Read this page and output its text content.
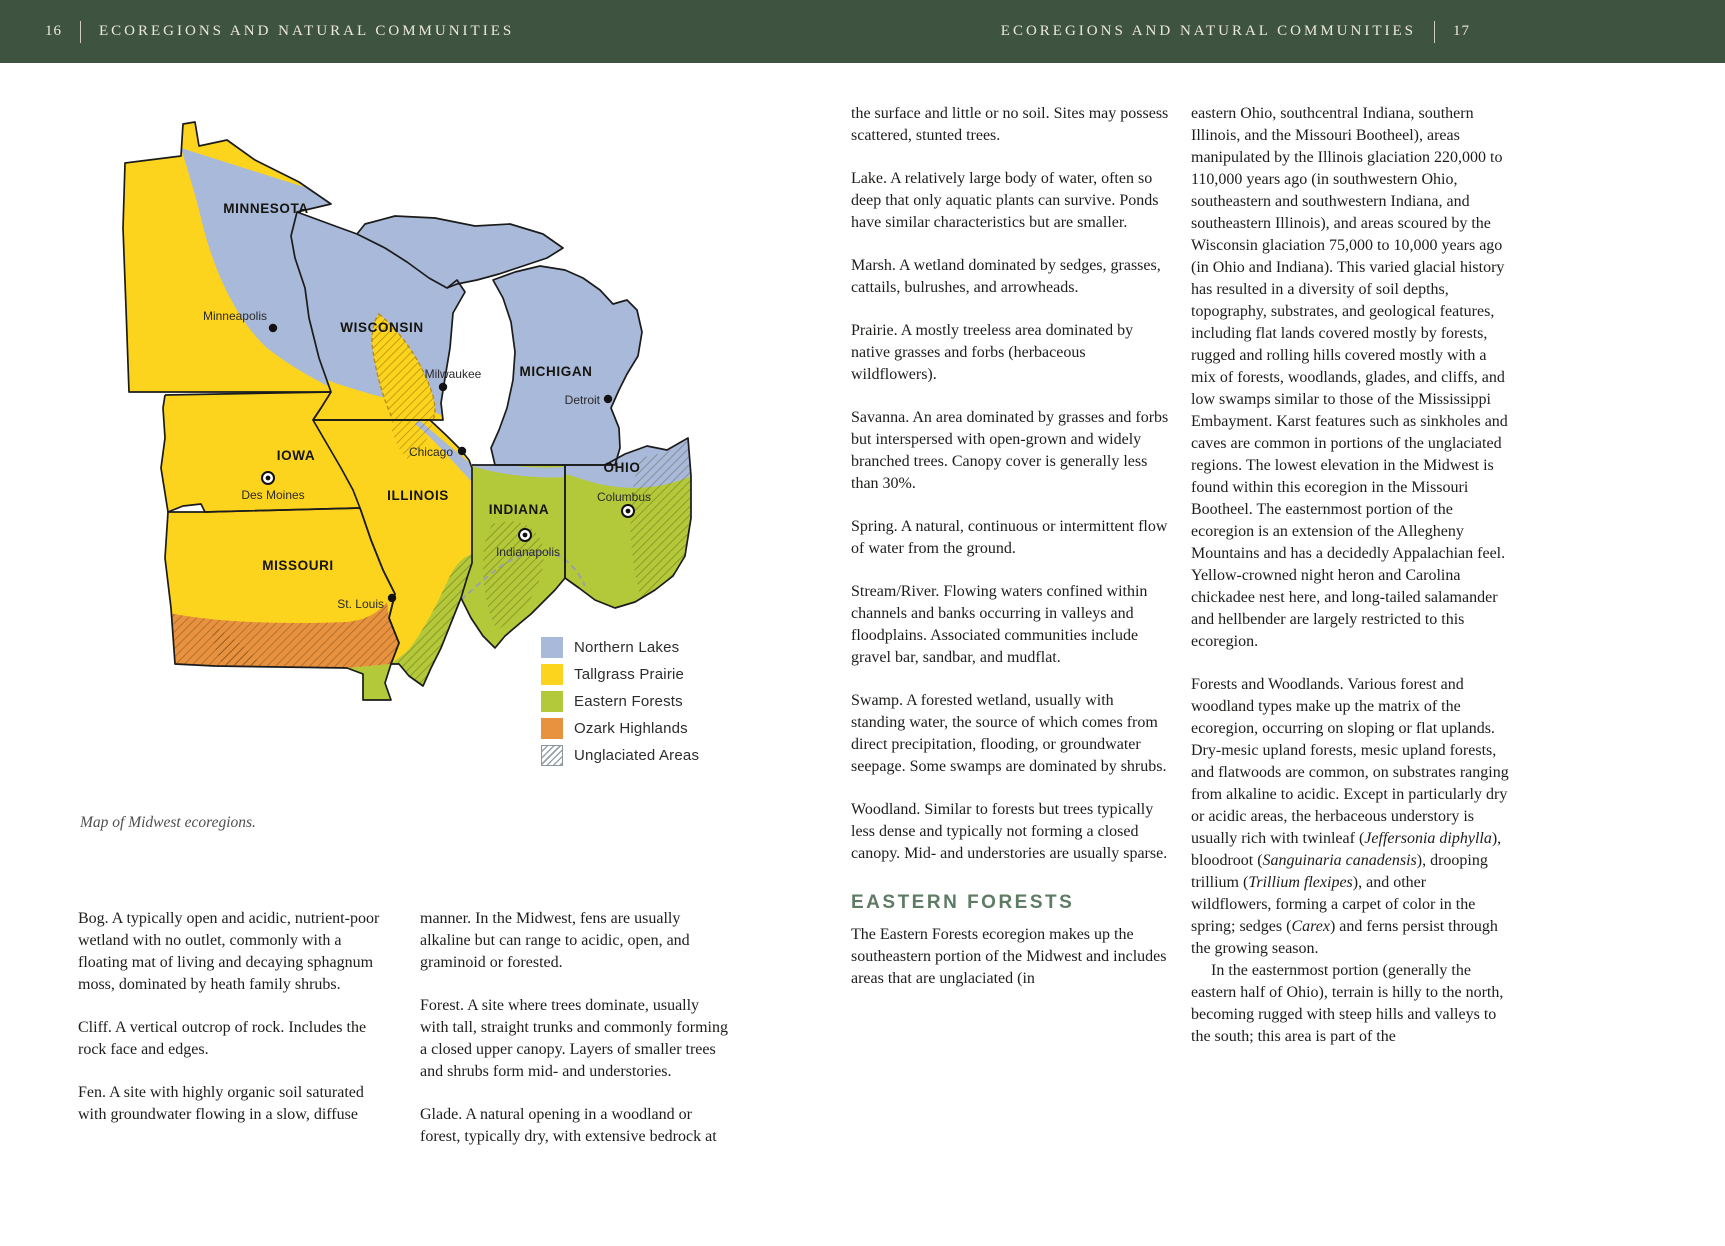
16 ECOREGIONS AND NATURAL COMMUNITIES	ECOREGIONS AND NATURAL COMMUNITIES 17
MINNESOTA
WISCONSIN
MICHIGAN
IOWA
ILLINOIS
INDIANA
OHIO
MISSOURI
Minneapolis
Milwaukee
Chicago
Detroit
Des Moines
Indianapolis
Columbus
St. Louis
Northern Lakes
Tallgrass Prairie
Eastern Forests
Ozark Highlands
Unglaciated Areas
Map of Midwest ecoregions.

Bog. A typically open and acidic, nutrient-poor wetland with no outlet, commonly with a floating mat of living and decaying sphagnum moss, dominated by heath family shrubs.

Cliff. A vertical outcrop of rock. Includes the rock face and edges.

Fen. A site with highly organic soil saturated with groundwater flowing in a slow, diffuse

manner. In the Midwest, fens are usually alkaline but can range to acidic, open, and graminoid or forested.

Forest. A site where trees dominate, usually with tall, straight trunks and commonly forming a closed upper canopy. Layers of smaller trees and shrubs form mid- and understories.

Glade. A natural opening in a woodland or forest, typically dry, with extensive bedrock at

the surface and little or no soil. Sites may possess scattered, stunted trees.

Lake. A relatively large body of water, often so deep that only aquatic plants can survive. Ponds have similar characteristics but are smaller.

Marsh. A wetland dominated by sedges, grasses, cattails, bulrushes, and arrowheads.

Prairie. A mostly treeless area dominated by native grasses and forbs (herbaceous wildflowers).

Savanna. An area dominated by grasses and forbs but interspersed with open-grown and widely branched trees. Canopy cover is generally less than 30%.

Spring. A natural, continuous or intermittent flow of water from the ground.

Stream/River. Flowing waters confined within channels and banks occurring in valleys and floodplains. Associated communities include gravel bar, sandbar, and mudflat.

Swamp. A forested wetland, usually with standing water, the source of which comes from direct precipitation, flooding, or groundwater seepage. Some swamps are dominated by shrubs.

Woodland. Similar to forests but trees typically less dense and typically not forming a closed canopy. Mid- and understories are usually sparse.

EASTERN FORESTS

The Eastern Forests ecoregion makes up the southeastern portion of the Midwest and includes areas that are unglaciated (in

eastern Ohio, southcentral Indiana, southern Illinois, and the Missouri Bootheel), areas manipulated by the Illinois glaciation 220,000 to 110,000 years ago (in southwestern Ohio, southeastern and southwestern Indiana, and southeastern Illinois), and areas scoured by the Wisconsin glaciation 75,000 to 10,000 years ago (in Ohio and Indiana). This varied glacial history has resulted in a diversity of soil depths, topography, substrates, and geological features, including flat lands covered mostly by forests, rugged and rolling hills covered mostly with a mix of forests, woodlands, glades, and cliffs, and low swamps similar to those of the Mississippi Embayment. Karst features such as sinkholes and caves are common in portions of the unglaciated regions. The lowest elevation in the Midwest is found within this ecoregion in the Missouri Bootheel. The easternmost portion of the ecoregion is an extension of the Allegheny Mountains and has a decidedly Appalachian feel. Yellow-crowned night heron and Carolina chickadee nest here, and long-tailed salamander and hellbender are largely restricted to this ecoregion.

Forests and Woodlands. Various forest and woodland types make up the matrix of the ecoregion, occurring on sloping or flat uplands. Dry-mesic upland forests, mesic upland forests, and flatwoods are common, on substrates ranging from alkaline to acidic. Except in particularly dry or acidic areas, the herbaceous understory is usually rich with twinleaf (Jeffersonia diphylla), bloodroot (Sanguinaria canadensis), drooping trillium (Trillium flexipes), and other wildflowers, forming a carpet of color in the spring; sedges (Carex) and ferns persist through the growing season.

In the easternmost portion (generally the eastern half of Ohio), terrain is hilly to the north, becoming rugged with steep hills and valleys to the south; this area is part of the
